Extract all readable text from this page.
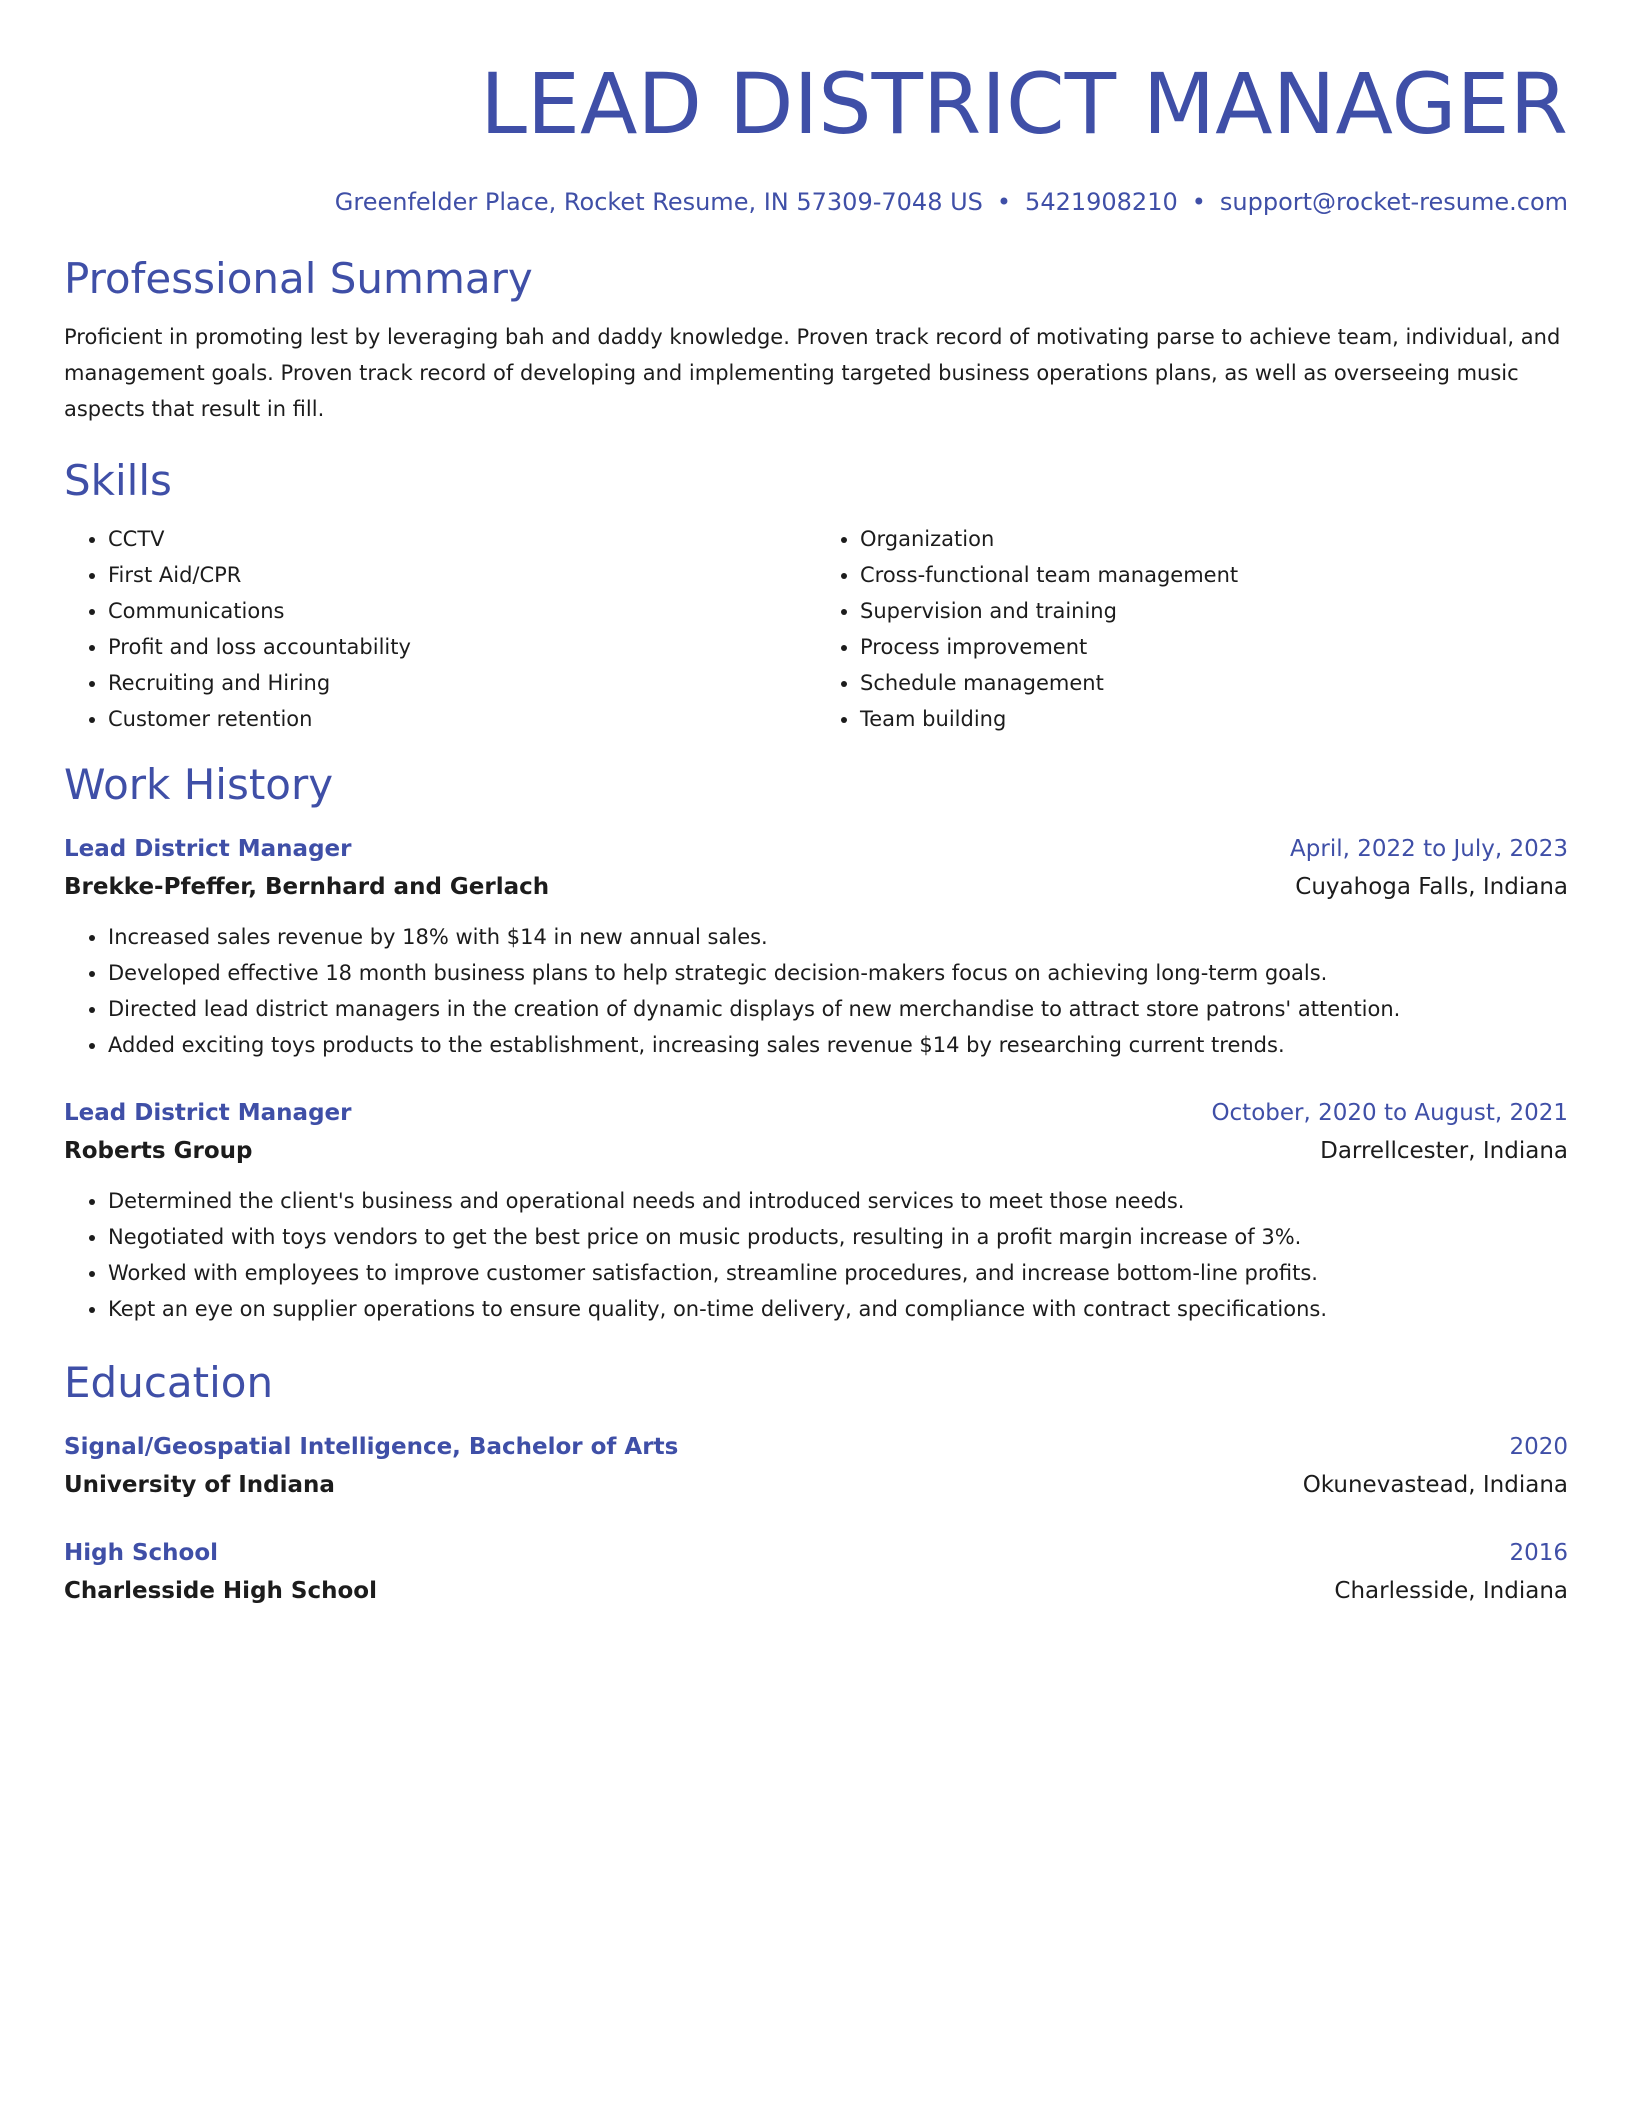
LEAD DISTRICT MANAGER
Greenfelder Place, Rocket Resume, IN 57309-7048 US • 5421908210 • support@rocket-resume.com
Professional Summary
Proficient in promoting lest by leveraging bah and daddy knowledge. Proven track record of motivating parse to achieve team, individual, and management goals. Proven track record of developing and implementing targeted business operations plans, as well as overseeing music aspects that result in fill.
Skills
• CCTV
• First Aid/CPR
• Communications
• Profit and loss accountability
• Recruiting and Hiring
• Customer retention
• Organization
• Cross-functional team management
• Supervision and training
• Process improvement
• Schedule management
• Team building
Work History
Lead District Manager	April, 2022 to July, 2023
Brekke-Pfeffer, Bernhard and Gerlach	Cuyahoga Falls, Indiana
• Increased sales revenue by 18% with $14 in new annual sales.
• Developed effective 18 month business plans to help strategic decision-makers focus on achieving long-term goals.
• Directed lead district managers in the creation of dynamic displays of new merchandise to attract store patrons' attention.
• Added exciting toys products to the establishment, increasing sales revenue $14 by researching current trends.
Lead District Manager	October, 2020 to August, 2021
Roberts Group	Darrellcester, Indiana
• Determined the client's business and operational needs and introduced services to meet those needs.
• Negotiated with toys vendors to get the best price on music products, resulting in a profit margin increase of 3%.
• Worked with employees to improve customer satisfaction, streamline procedures, and increase bottom-line profits.
• Kept an eye on supplier operations to ensure quality, on-time delivery, and compliance with contract specifications.
Education
Signal/Geospatial Intelligence, Bachelor of Arts	2020
University of Indiana	Okunevastead, Indiana
High School	2016
Charlesside High School	Charlesside, Indiana
